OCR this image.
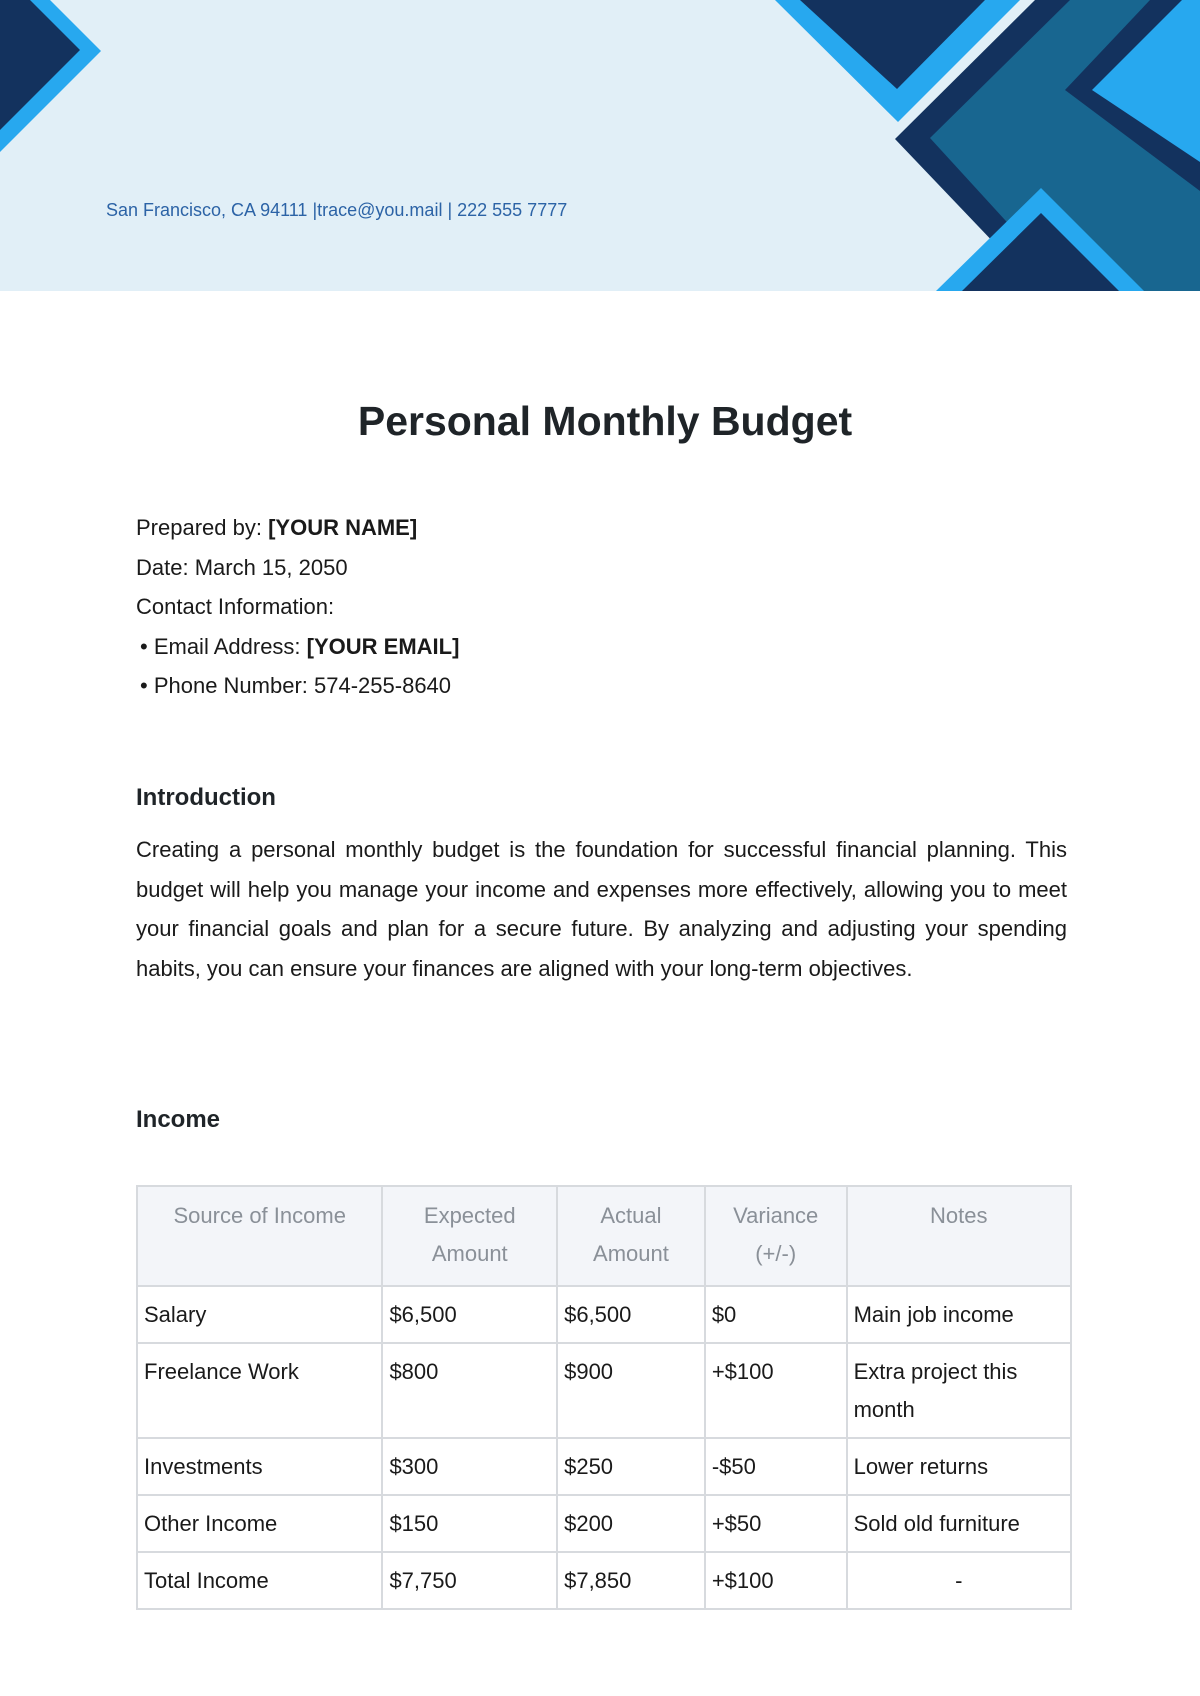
San Francisco, CA 94111 |trace@you.mail | 222 555 7777
Personal Monthly Budget
Prepared by: [YOUR NAME]
Date: March 15, 2050
Contact Information:
• Email Address: [YOUR EMAIL]
• Phone Number: 574-255-8640
Introduction

Creating a personal monthly budget is the foundation for successful financial planning. This budget will help you manage your income and expenses more effectively, allowing you to meet your financial goals and plan for a secure future. By analyzing and adjusting your spending habits, you can ensure your finances are aligned with your long-term objectives.

Income
Source of Income	Expected Amount	Actual Amount	Variance (+/-)	Notes
Salary	$6,500	$6,500	$0	Main job income
Freelance Work	$800	$900	+$100	Extra project this month
Investments	$300	$250	-$50	Lower returns
Other Income	$150	$200	+$50	Sold old furniture
Total Income	$7,750	$7,850	+$100	-
